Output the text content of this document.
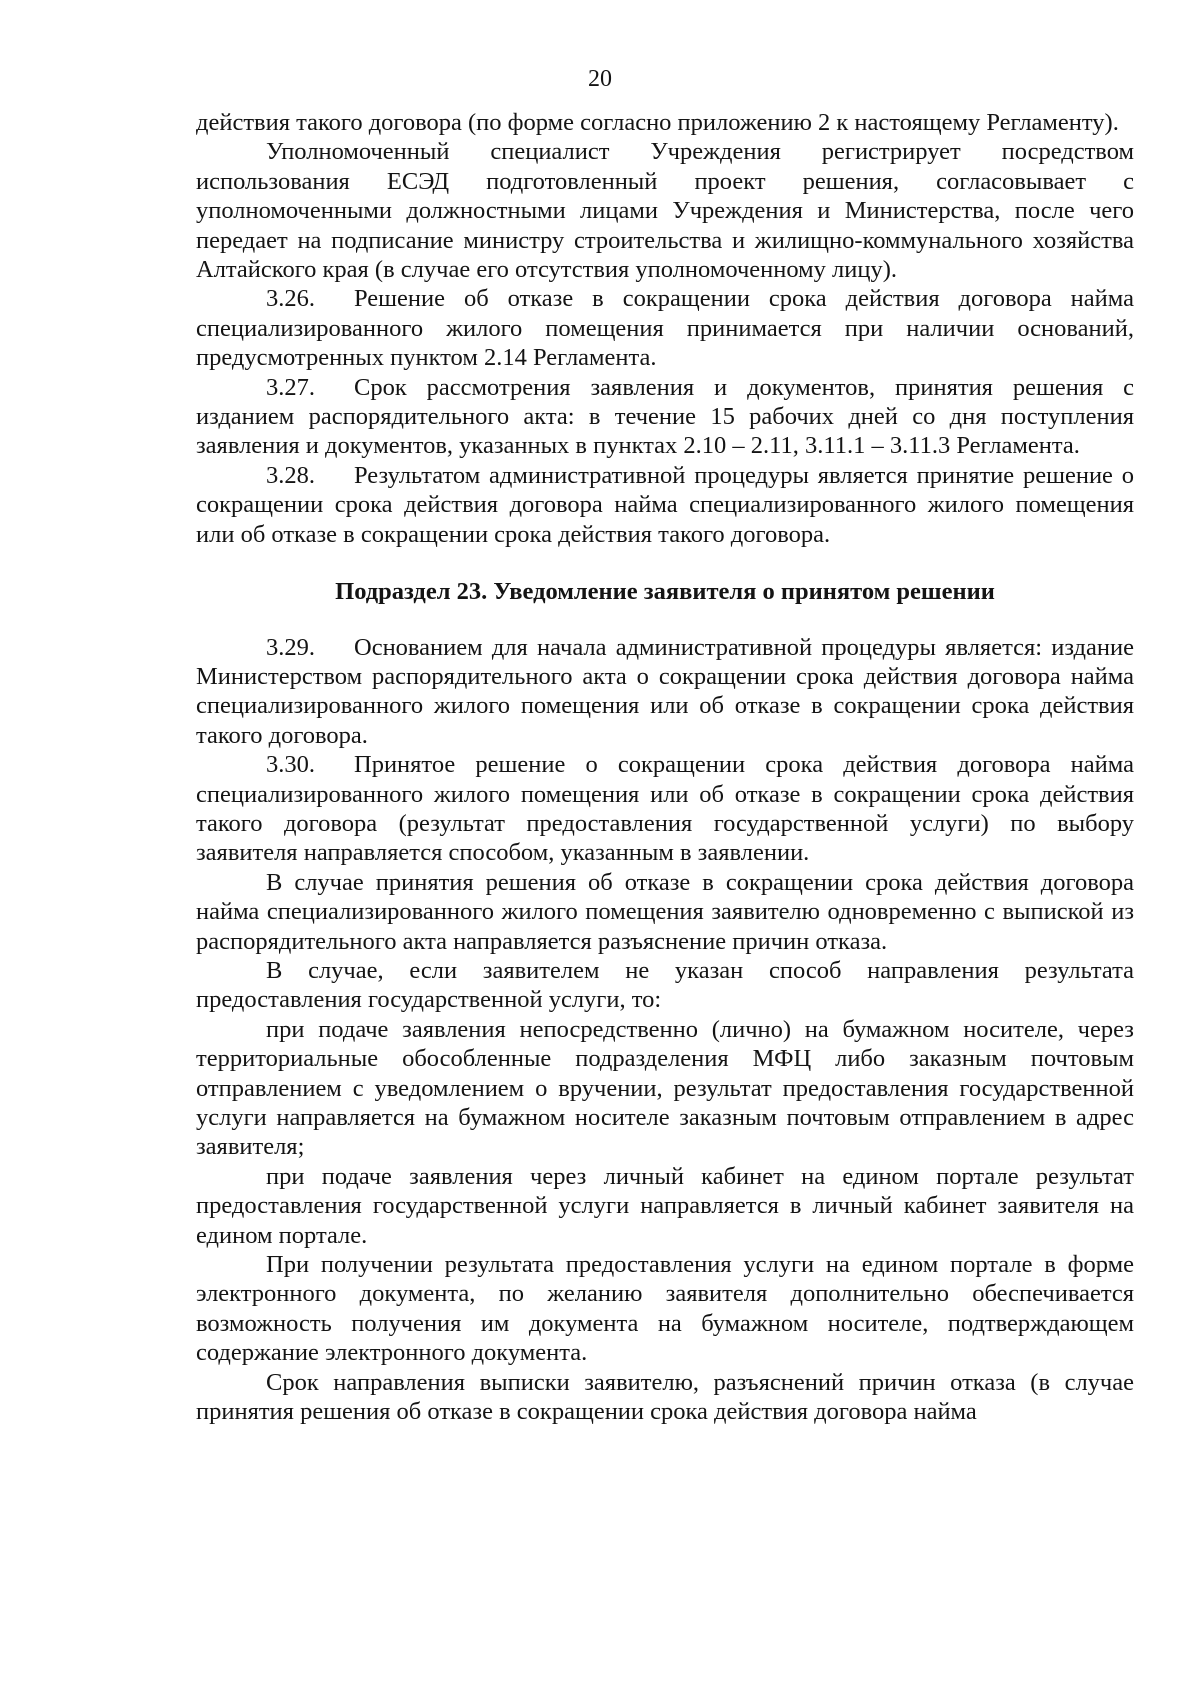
20

действия такого договора (по форме согласно приложению 2 к настоящему Регламенту).

Уполномоченный специалист Учреждения регистрирует посредством использования ЕСЭД подготовленный проект решения, согласовывает с уполномоченными должностными лицами Учреждения и Министерства, после чего передает на подписание министру строительства и жилищно-коммунального хозяйства Алтайского края (в случае его отсутствия уполномоченному лицу).

3.26. Решение об отказе в сокращении срока действия договора найма специализированного жилого помещения принимается при наличии оснований, предусмотренных пунктом 2.14 Регламента.

3.27. Срок рассмотрения заявления и документов, принятия решения с изданием распорядительного акта: в течение 15 рабочих дней со дня поступления заявления и документов, указанных в пунктах 2.10 – 2.11, 3.11.1 – 3.11.3 Регламента.

3.28. Результатом административной процедуры является принятие решение о сокращении срока действия договора найма специализированного жилого помещения или об отказе в сокращении срока действия такого договора.

Подраздел 23. Уведомление заявителя о принятом решении

3.29. Основанием для начала административной процедуры является: издание Министерством распорядительного акта о сокращении срока действия договора найма специализированного жилого помещения или об отказе в сокращении срока действия такого договора.

3.30. Принятое решение о сокращении срока действия договора найма специализированного жилого помещения или об отказе в сокращении срока действия такого договора (результат предоставления государственной услуги) по выбору заявителя направляется способом, указанным в заявлении.

В случае принятия решения об отказе в сокращении срока действия договора найма специализированного жилого помещения заявителю одновременно с выпиской из распорядительного акта направляется разъяснение причин отказа.

В случае, если заявителем не указан способ направления результата предоставления государственной услуги, то:

при подаче заявления непосредственно (лично) на бумажном носителе, через территориальные обособленные подразделения МФЦ либо заказным почтовым отправлением с уведомлением о вручении, результат предоставления государственной услуги направляется на бумажном носителе заказным почтовым отправлением в адрес заявителя;

при подаче заявления через личный кабинет на едином портале результат предоставления государственной услуги направляется в личный кабинет заявителя на едином портале.

При получении результата предоставления услуги на едином портале в форме электронного документа, по желанию заявителя дополнительно обеспечивается возможность получения им документа на бумажном носителе, подтверждающем содержание электронного документа.

Срок направления выписки заявителю, разъяснений причин отказа (в случае принятия решения об отказе в сокращении срока действия договора найма
